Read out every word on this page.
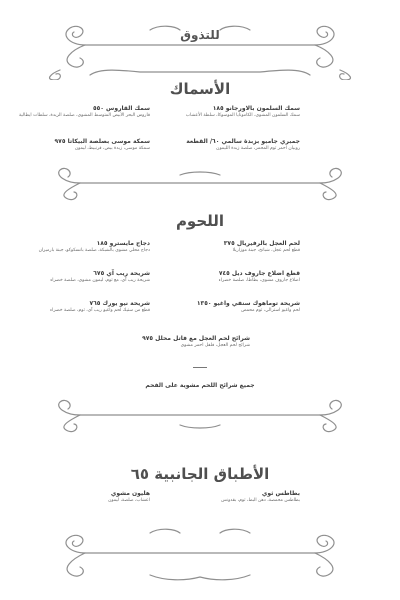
للتذوق
الأسماك
سمك السلمون بالاورجانو ١٨٥
سمك السلمون المشوي، الكامونايا الموسوكا، سلطة الأعشاب
سمك القاروس ٥٥٠
قاروس البحر الأبيض المتوسط المشوي، صلصة الزبدة، سلطات ايطالية
جمبري جامبو بزبدة سالمي ٦٠/ القطعة
روبيان احمر ثوم المحمر، صلصة زبدة الليمون
سمكة موسى بصلصة البيكاتا ٩٧٥
سمكة موسى، زبدة بيض، قرنبيط، ليمون
اللحوم
لحم العجل بالرفيريال ٣٧٥
قطع لحم عجل، شبانخ، جبنة موزاريلا
دجاج مايسترو ١٨٥
دجاج محلي مشوي بالشبكة، صلصة بانسكوكو، جبنة بارميزان
قطع اضلاع جاروف ديل ٧٤٥
اضلاع جاروف مشوي، بطاطا، صلصة خضراء
شريحة ريب آي ٦٧٥
شريحة ريب آي، مع ثوم، ليمون مشوي، صلصة خضراء
شريحة توماهوك سنفي واغيو ١٣٥٠
لحم واغيو استرالي، ثوم محمص
شريحة نيو يورك ٧٦٥
قطع من ستيك لحم واغيو ريب آي، ثوم، صلصة خضراء
شرائح لحم العجل مع فاتل محلل ٩٧٥
شرائح لحم العجل، فلفل احمر مشوي
جميع شرائح اللحم مشوية على الفحم
الأطباق الجانبية ٦٥
بطاطس ثوي
بطاطس محمصة، دهن البط، ثوم، بقدونس
هليون مشوي
اعشاب، صلصة، ليمون
